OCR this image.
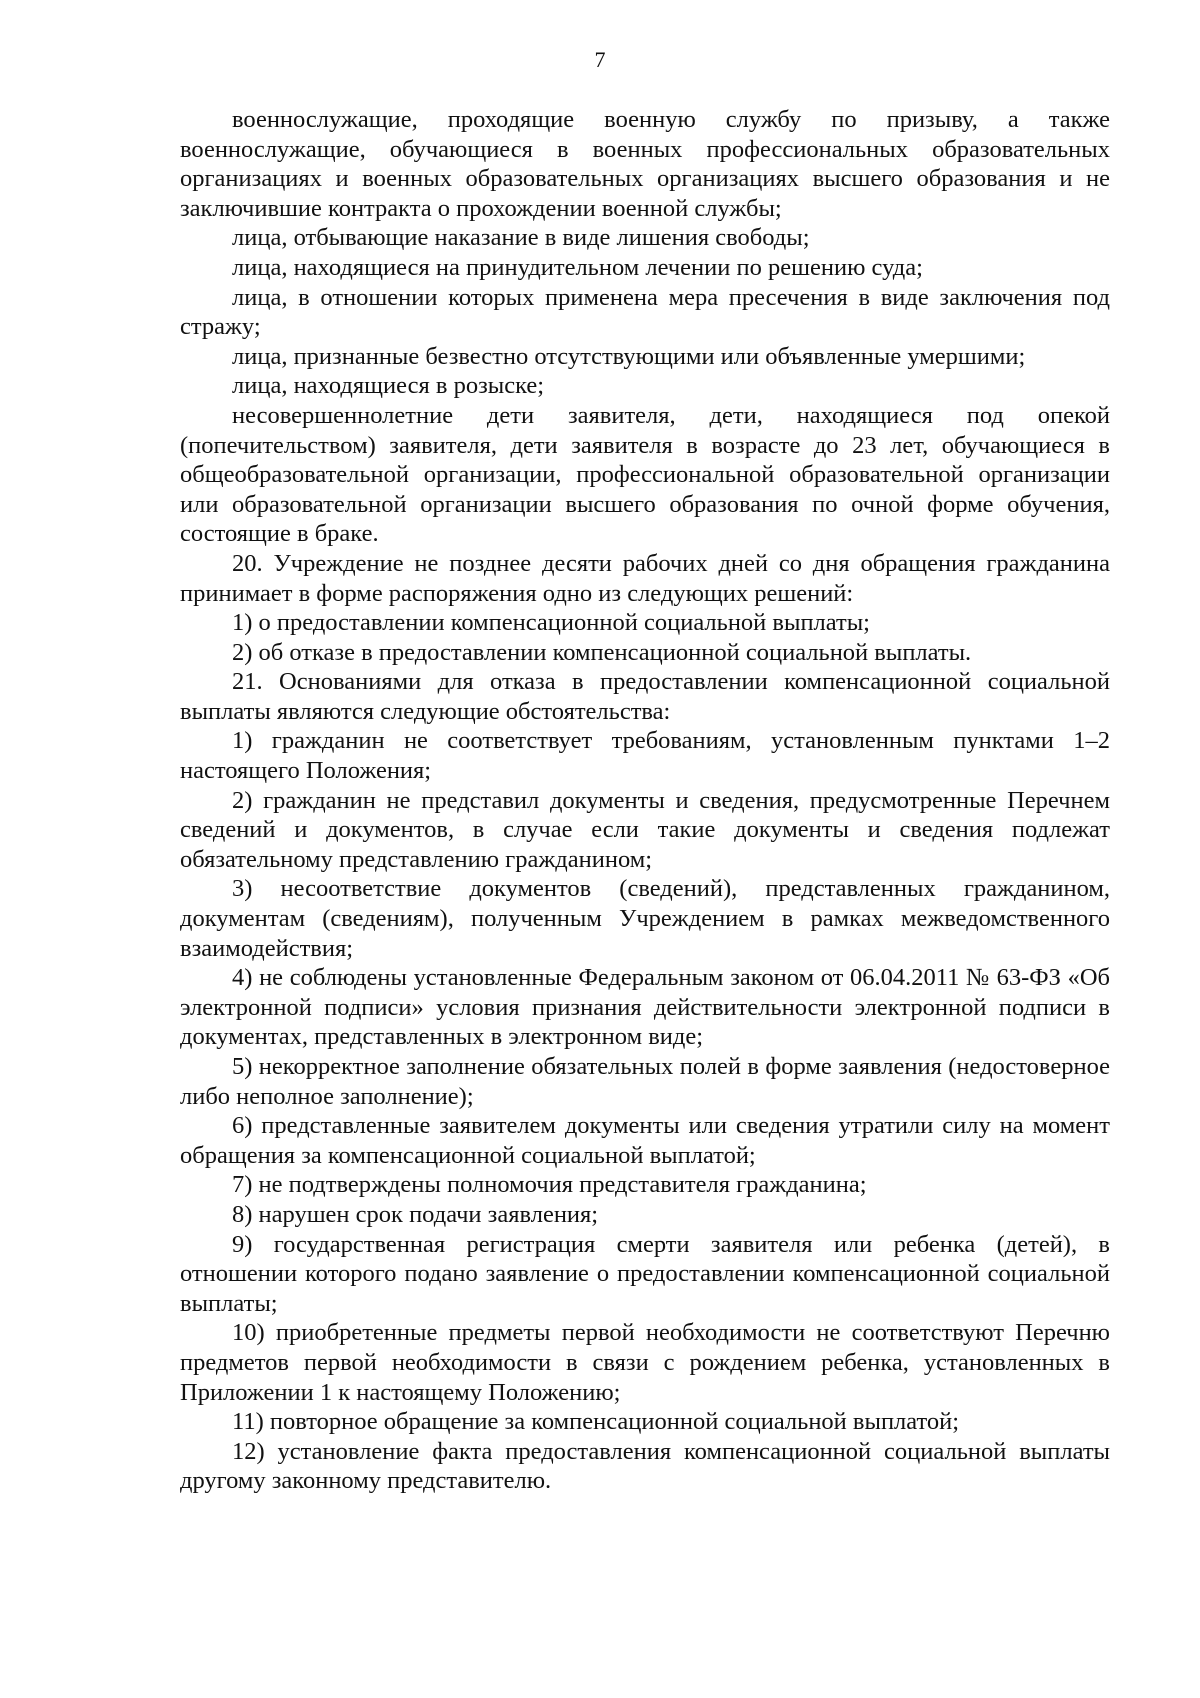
7

военнослужащие, проходящие военную службу по призыву, а также военнослужащие, обучающиеся в военных профессиональных образовательных организациях и военных образовательных организациях высшего образования и не заключившие контракта о прохождении военной службы;

лица, отбывающие наказание в виде лишения свободы;

лица, находящиеся на принудительном лечении по решению суда;

лица, в отношении которых применена мера пресечения в виде заключения под стражу;

лица, признанные безвестно отсутствующими или объявленные умершими;

лица, находящиеся в розыске;

несовершеннолетние дети заявителя, дети, находящиеся под опекой (попечительством) заявителя, дети заявителя в возрасте до 23 лет, обучающиеся в общеобразовательной организации, профессиональной образовательной организации или образовательной организации высшего образования по очной форме обучения, состоящие в браке.

20. Учреждение не позднее десяти рабочих дней со дня обращения гражданина принимает в форме распоряжения одно из следующих решений:

1) о предоставлении компенсационной социальной выплаты;

2) об отказе в предоставлении компенсационной социальной выплаты.

21. Основаниями для отказа в предоставлении компенсационной социальной выплаты являются следующие обстоятельства:

1) гражданин не соответствует требованиям, установленным пунктами 1–2 настоящего Положения;

2) гражданин не представил документы и сведения, предусмотренные Перечнем сведений и документов, в случае если такие документы и сведения подлежат обязательному представлению гражданином;

3) несоответствие документов (сведений), представленных гражданином, документам (сведениям), полученным Учреждением в рамках межведомственного взаимодействия;

4) не соблюдены установленные Федеральным законом от 06.04.2011 № 63-ФЗ «Об электронной подписи» условия признания действительности электронной подписи в документах, представленных в электронном виде;

5) некорректное заполнение обязательных полей в форме заявления (недостоверное либо неполное заполнение);

6) представленные заявителем документы или сведения утратили силу на момент обращения за компенсационной социальной выплатой;

7) не подтверждены полномочия представителя гражданина;

8) нарушен срок подачи заявления;

9) государственная регистрация смерти заявителя или ребенка (детей), в отношении которого подано заявление о предоставлении компенсационной социальной выплаты;

10) приобретенные предметы первой необходимости не соответствуют Перечню предметов первой необходимости в связи с рождением ребенка, установленных в Приложении 1 к настоящему Положению;

11) повторное обращение за компенсационной социальной выплатой;

12) установление факта предоставления компенсационной социальной выплаты другому законному представителю.
